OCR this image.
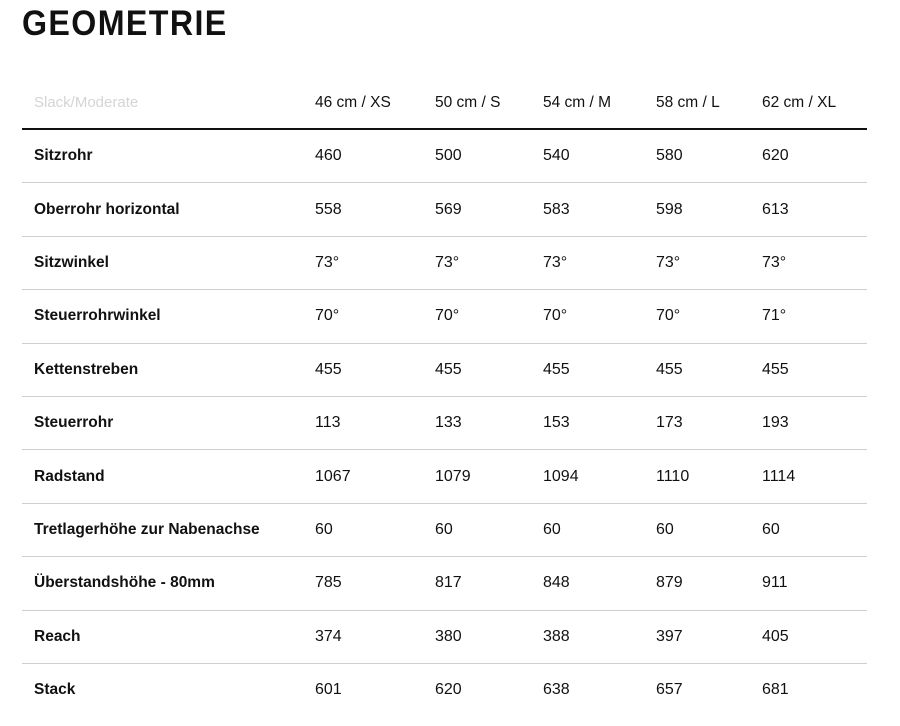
GEOMETRIE
Slack/Moderate	46 cm / XS	50 cm / S	54 cm / M	58 cm / L	62 cm / XL
Sitzrohr	460	500	540	580	620
Oberrohr horizontal	558	569	583	598	613
Sitzwinkel	73°	73°	73°	73°	73°
Steuerrohrwinkel	70°	70°	70°	70°	71°
Kettenstreben	455	455	455	455	455
Steuerrohr	113	133	153	173	193
Radstand	1067	1079	1094	1110	1114
Tretlagerhöhe zur Nabenachse	60	60	60	60	60
Überstandshöhe - 80mm	785	817	848	879	911
Reach	374	380	388	397	405
Stack	601	620	638	657	681
